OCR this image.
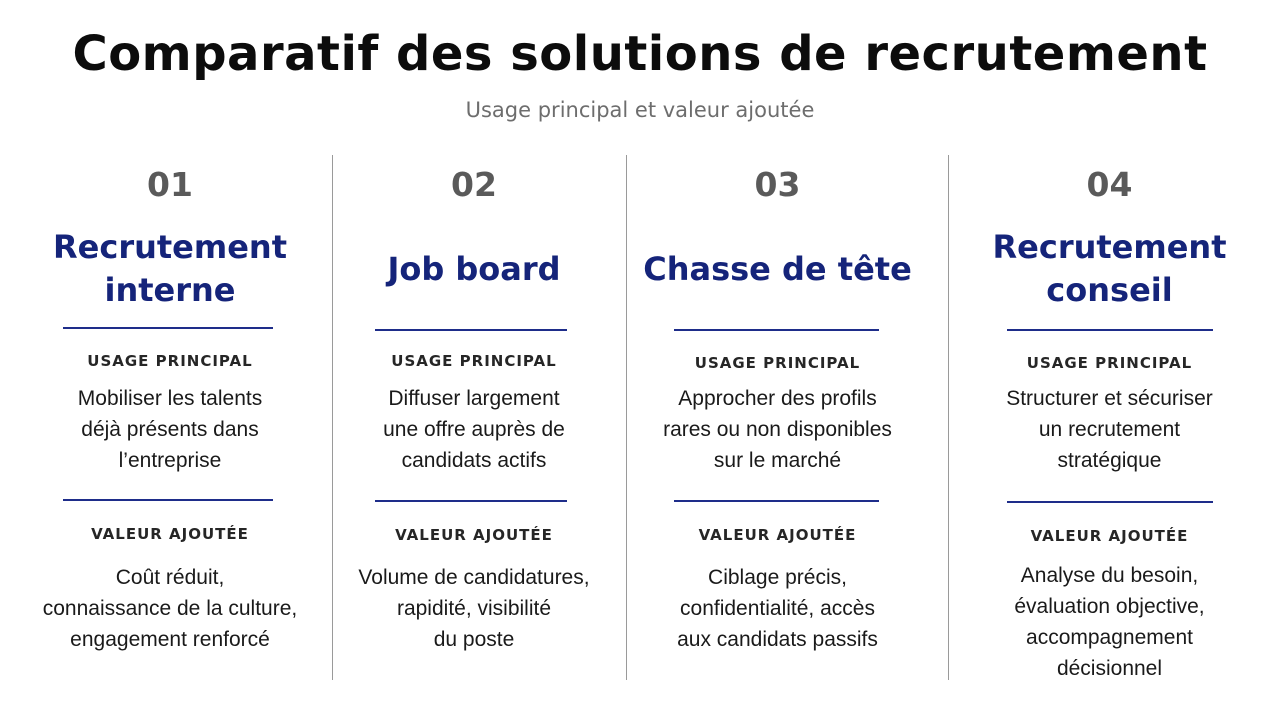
Comparatif des solutions de recrutement
Usage principal et valeur ajoutée
01
Recrutement
interne
USAGE PRINCIPAL
Mobiliser les talents
déjà présents dans
l’entreprise
VALEUR AJOUTÉE
Coût réduit,
connaissance de la culture,
engagement renforcé
02
Job board
USAGE PRINCIPAL
Diffuser largement
une offre auprès de
candidats actifs
VALEUR AJOUTÉE
Volume de candidatures,
rapidité, visibilité
du poste
03
Chasse de tête
USAGE PRINCIPAL
Approcher des profils
rares ou non disponibles
sur le marché
VALEUR AJOUTÉE
Ciblage précis,
confidentialité, accès
aux candidats passifs
04
Recrutement
conseil
USAGE PRINCIPAL
Structurer et sécuriser
un recrutement
stratégique
VALEUR AJOUTÉE
Analyse du besoin,
évaluation objective,
accompagnement
décisionnel
